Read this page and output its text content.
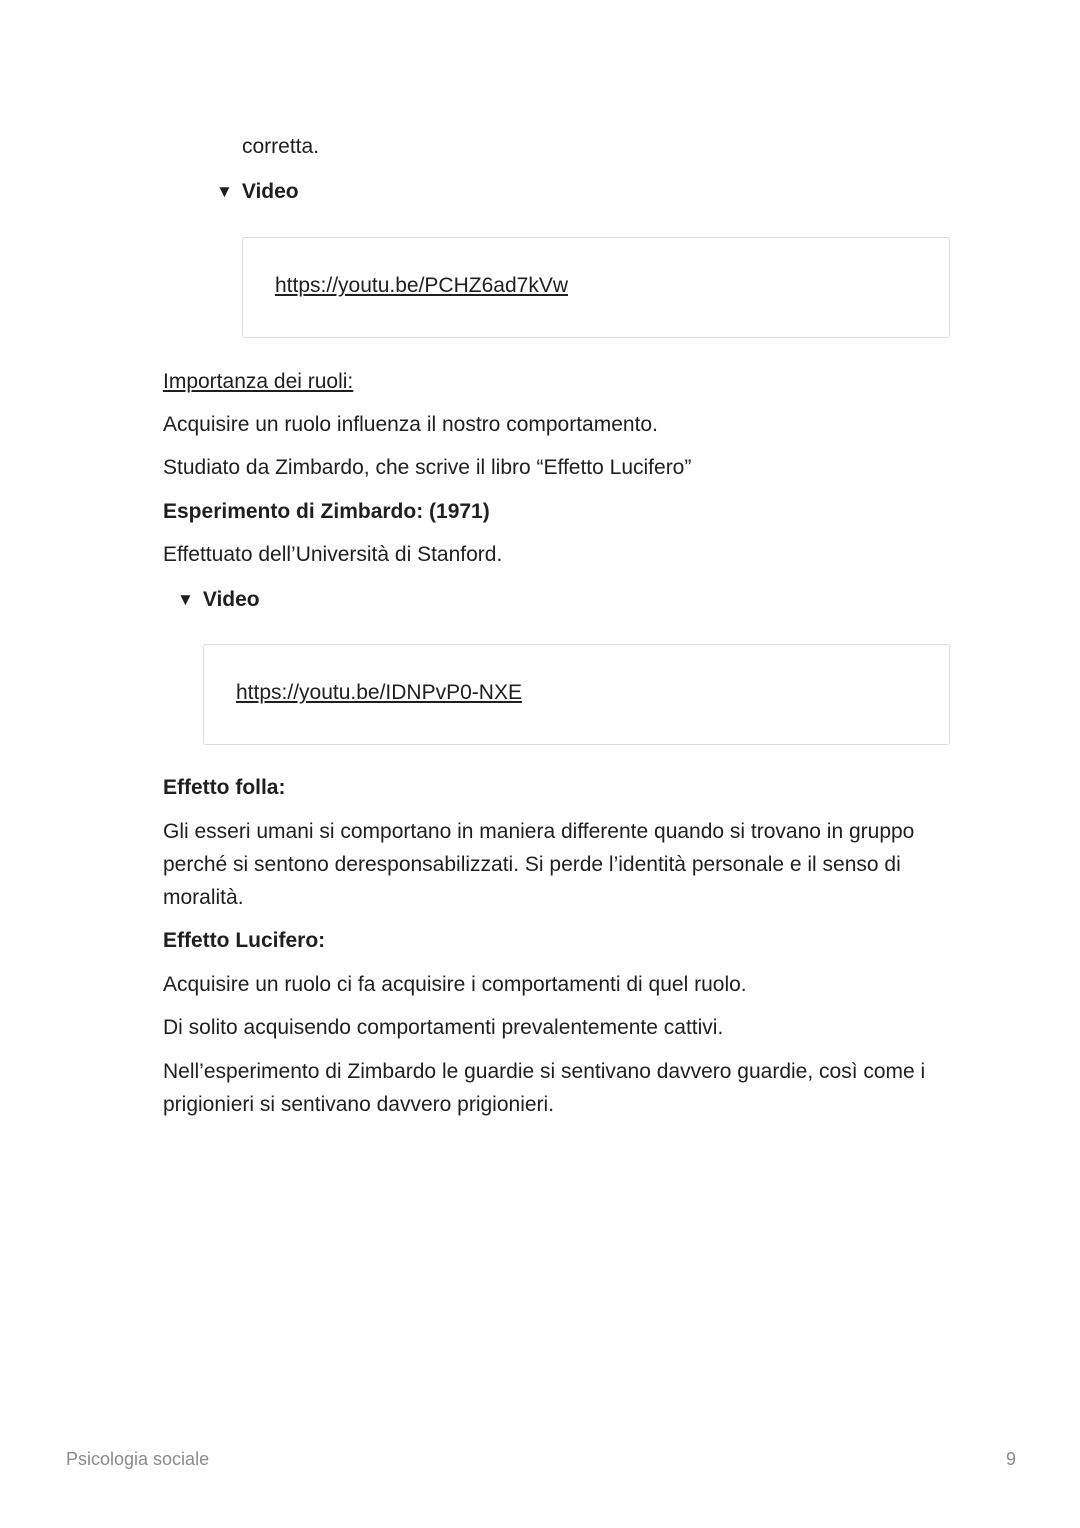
corretta.
▼ Video
https://youtu.be/PCHZ6ad7kVw
Importanza dei ruoli:
Acquisire un ruolo influenza il nostro comportamento.
Studiato da Zimbardo, che scrive il libro “Effetto Lucifero”
Esperimento di Zimbardo: (1971)
Effettuato dell’Università di Stanford.
▼ Video
https://youtu.be/IDNPvP0-NXE
Effetto folla:
Gli esseri umani si comportano in maniera differente quando si trovano in gruppo perché si sentono deresponsabilizzati. Si perde l’identità personale e il senso di moralità.
Effetto Lucifero:
Acquisire un ruolo ci fa acquisire i comportamenti di quel ruolo.
Di solito acquisendo comportamenti prevalentemente cattivi.
Nell’esperimento di Zimbardo le guardie si sentivano davvero guardie, così come i prigionieri si sentivano davvero prigionieri.
Psicologia sociale	9
